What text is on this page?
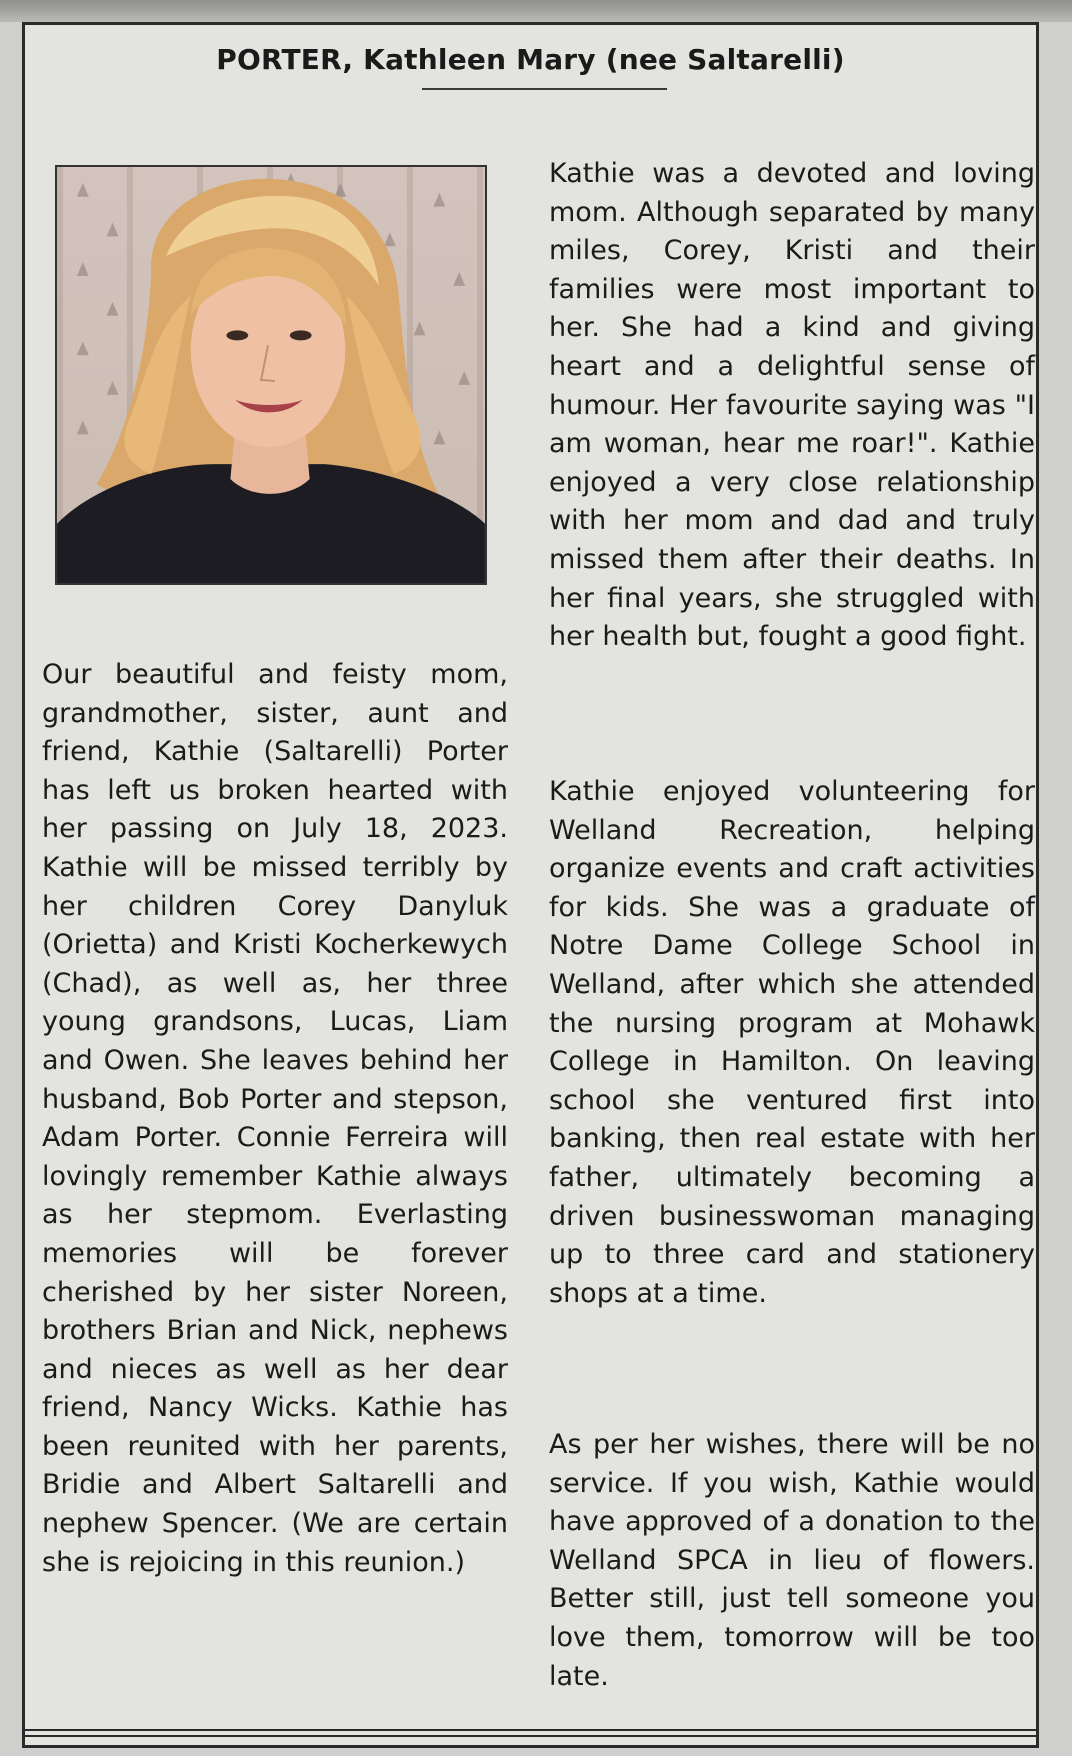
PORTER, Kathleen Mary (nee Saltarelli)

Our beautiful and feisty mom, grandmother, sister, aunt and friend, Kathie (Saltarelli) Porter has left us broken hearted with her passing on July 18, 2023. Kathie will be missed terribly by her children Corey Danyluk (Orietta) and Kristi Kocherkewych (Chad), as well as, her three young grandsons, Lucas, Liam and Owen. She leaves behind her husband, Bob Porter and stepson, Adam Porter. Connie Ferreira will lovingly remember Kathie always as her stepmom. Everlasting memories will be forever cherished by her sister Noreen, brothers Brian and Nick, nephews and nieces as well as her dear friend, Nancy Wicks. Kathie has been reunited with her parents, Bridie and Albert Saltarelli and nephew Spencer. (We are certain she is rejoicing in this reunion.)

Kathie was a devoted and loving mom. Although separated by many miles, Corey, Kristi and their families were most important to her. She had a kind and giving heart and a delightful sense of humour. Her favourite saying was "I am woman, hear me roar!". Kathie enjoyed a very close relationship with her mom and dad and truly missed them after their deaths. In her final years, she struggled with her health but, fought a good fight.

Kathie enjoyed volunteering for Welland Recreation, helping organize events and craft activities for kids. She was a graduate of Notre Dame College School in Welland, after which she attended the nursing program at Mohawk College in Hamilton. On leaving school she ventured first into banking, then real estate with her father, ultimately becoming a driven businesswoman managing up to three card and stationery shops at a time.

As per her wishes, there will be no service. If you wish, Kathie would have approved of a donation to the Welland SPCA in lieu of flowers. Better still, just tell someone you love them, tomorrow will be too late.
